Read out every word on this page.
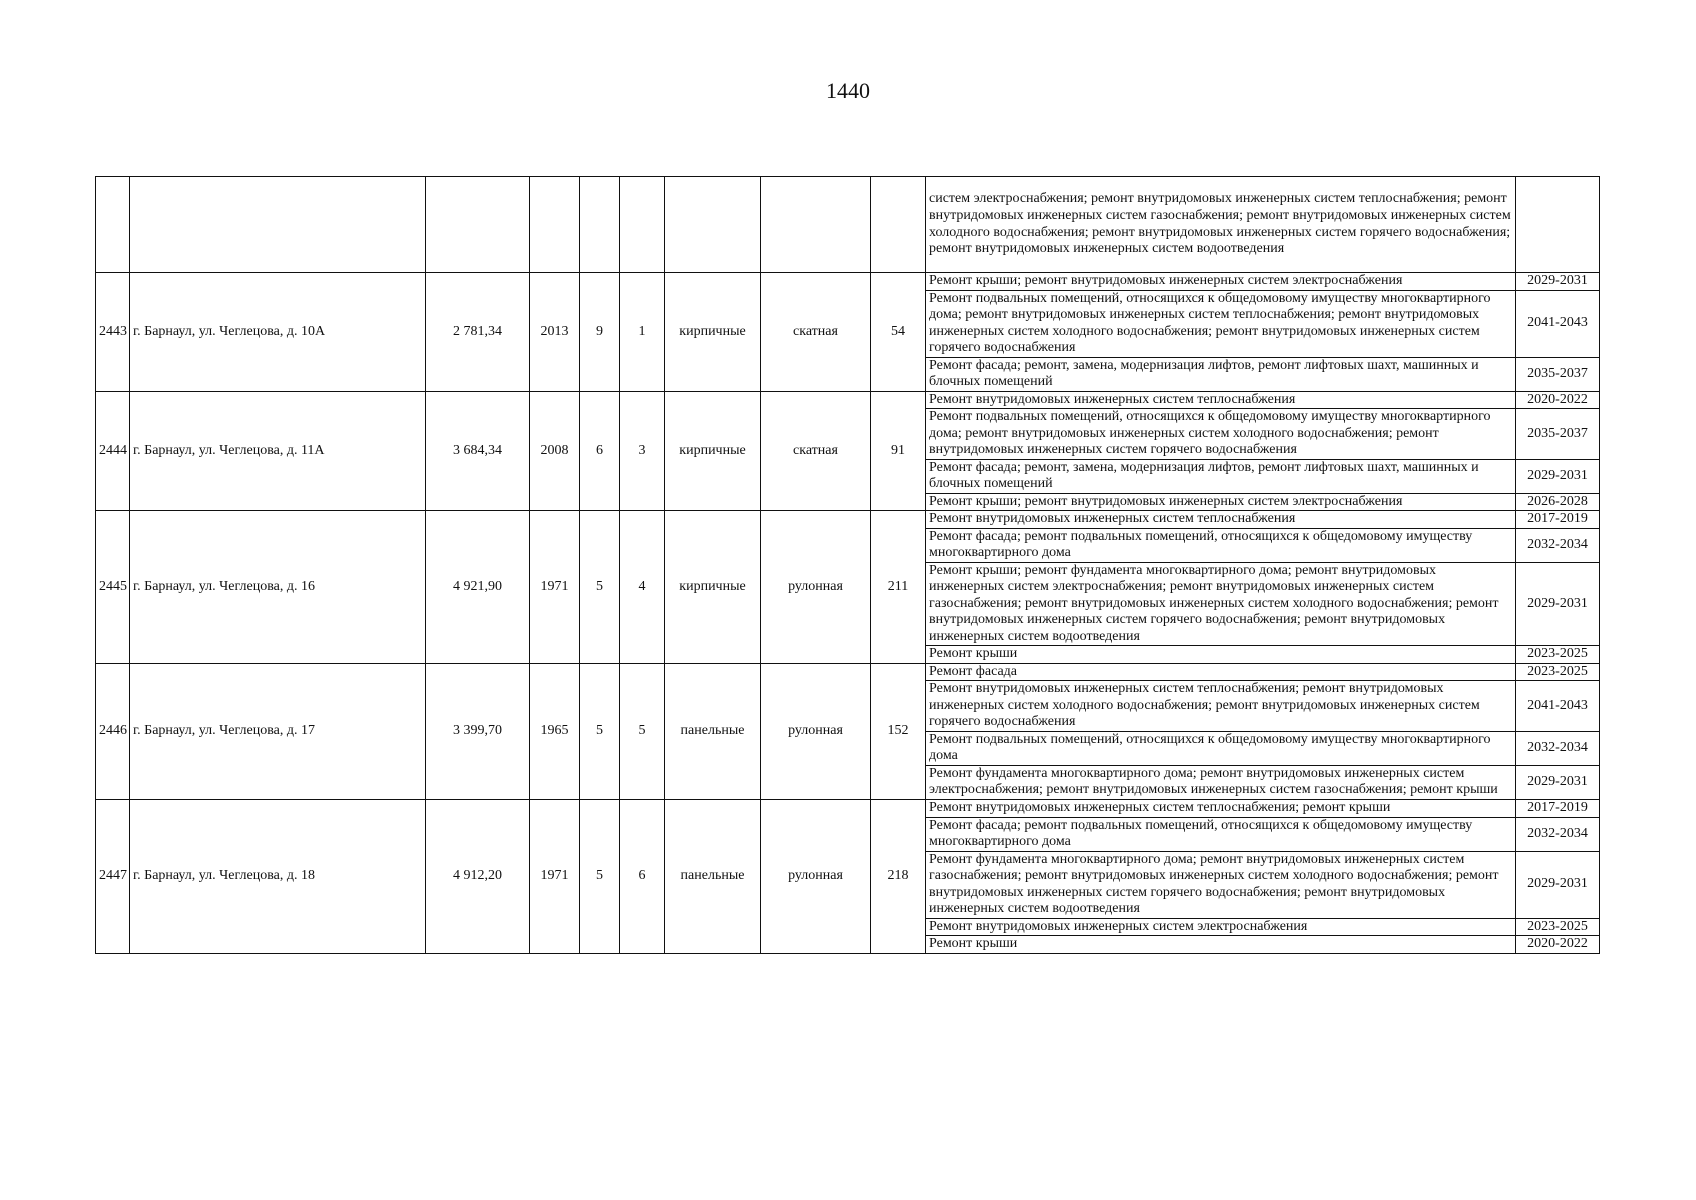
1440
									систем электроснабжения; ремонт внутридомовых инженерных систем теплоснабжения; ремонт внутридомовых инженерных систем газоснабжения; ремонт внутридомовых инженерных систем холодного водоснабжения; ремонт внутридомовых инженерных систем горячего водоснабжения; ремонт внутридомовых инженерных систем водоотведения	
2443	г. Барнаул, ул. Чеглецова, д. 10А	2 781,34	2013	9	1	кирпичные	скатная	54	Ремонт крыши; ремонт внутридомовых инженерных систем электроснабжения	2029-2031
									Ремонт подвальных помещений, относящихся к общедомовому имуществу многоквартирного дома; ремонт внутридомовых инженерных систем теплоснабжения; ремонт внутридомовых инженерных систем холодного водоснабжения; ремонт внутридомовых инженерных систем горячего водоснабжения	2041-2043
									Ремонт фасада; ремонт, замена, модернизация лифтов, ремонт лифтовых шахт, машинных и блочных помещений	2035-2037
2444	г. Барнаул, ул. Чеглецова, д. 11А	3 684,34	2008	6	3	кирпичные	скатная	91	Ремонт внутридомовых инженерных систем теплоснабжения	2020-2022
									Ремонт подвальных помещений, относящихся к общедомовому имуществу многоквартирного дома; ремонт внутридомовых инженерных систем холодного водоснабжения; ремонт внутридомовых инженерных систем горячего водоснабжения	2035-2037
									Ремонт фасада; ремонт, замена, модернизация лифтов, ремонт лифтовых шахт, машинных и блочных помещений	2029-2031
									Ремонт крыши; ремонт внутридомовых инженерных систем электроснабжения	2026-2028
2445	г. Барнаул, ул. Чеглецова, д. 16	4 921,90	1971	5	4	кирпичные	рулонная	211	Ремонт внутридомовых инженерных систем теплоснабжения	2017-2019
									Ремонт фасада; ремонт подвальных помещений, относящихся к общедомовому имуществу многоквартирного дома	2032-2034
									Ремонт крыши; ремонт фундамента многоквартирного дома; ремонт внутридомовых инженерных систем электроснабжения; ремонт внутридомовых инженерных систем газоснабжения; ремонт внутридомовых инженерных систем холодного водоснабжения; ремонт внутридомовых инженерных систем горячего водоснабжения; ремонт внутридомовых инженерных систем водоотведения	2029-2031
									Ремонт крыши	2023-2025
2446	г. Барнаул, ул. Чеглецова, д. 17	3 399,70	1965	5	5	панельные	рулонная	152	Ремонт фасада	2023-2025
									Ремонт внутридомовых инженерных систем теплоснабжения; ремонт внутридомовых инженерных систем холодного водоснабжения; ремонт внутридомовых инженерных систем горячего водоснабжения	2041-2043
									Ремонт подвальных помещений, относящихся к общедомовому имуществу многоквартирного дома	2032-2034
									Ремонт фундамента многоквартирного дома; ремонт внутридомовых инженерных систем электроснабжения; ремонт внутридомовых инженерных систем газоснабжения; ремонт крыши	2029-2031
2447	г. Барнаул, ул. Чеглецова, д. 18	4 912,20	1971	5	6	панельные	рулонная	218	Ремонт внутридомовых инженерных систем теплоснабжения; ремонт крыши	2017-2019
									Ремонт фасада; ремонт подвальных помещений, относящихся к общедомовому имуществу многоквартирного дома	2032-2034
									Ремонт фундамента многоквартирного дома; ремонт внутридомовых инженерных систем газоснабжения; ремонт внутридомовых инженерных систем холодного водоснабжения; ремонт внутридомовых инженерных систем горячего водоснабжения; ремонт внутридомовых инженерных систем водоотведения	2029-2031
									Ремонт внутридомовых инженерных систем электроснабжения	2023-2025
									Ремонт крыши	2020-2022
